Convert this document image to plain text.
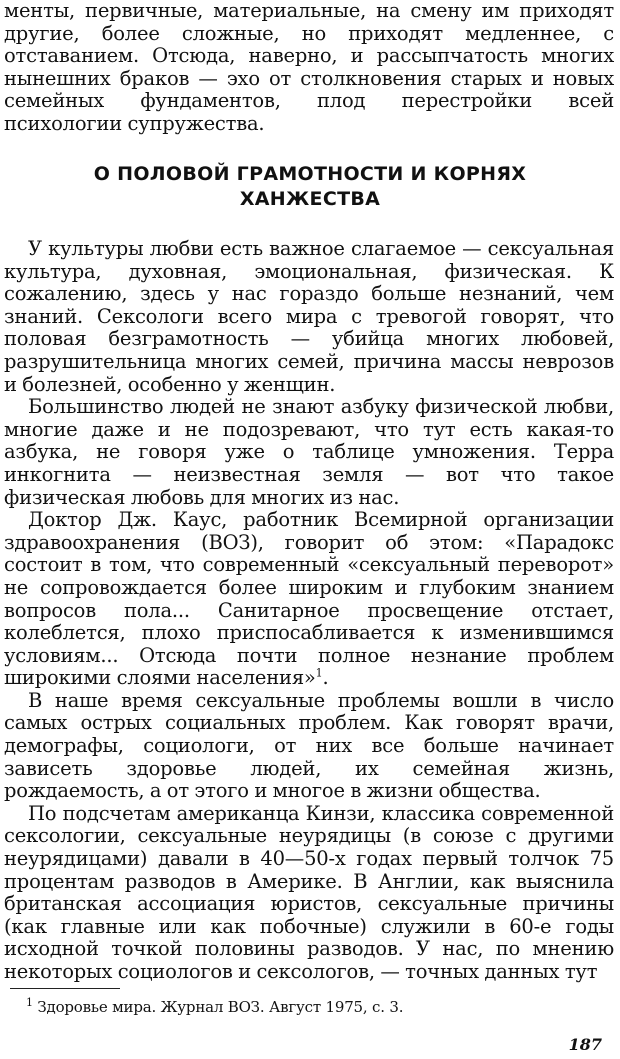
менты, первичные, материальные, на смену им приходят другие, более сложные, но приходят медленнее, с отставанием. Отсюда, наверно, и рассыпчатость многих нынешних браков — эхо от столкновения старых и новых семейных фундаментов, плод перестройки всей психологии супружества.

О ПОЛОВОЙ ГРАМОТНОСТИ И КОРНЯХ
ХАНЖЕСТВА

У культуры любви есть важное слагаемое — сексуальная культура, духовная, эмоциональная, физическая. К сожалению, здесь у нас гораздо больше незнаний, чем знаний. Сексологи всего мира с тревогой говорят, что половая безграмотность — убийца многих любовей, разрушительница многих семей, причина массы неврозов и болезней, особенно у женщин.

Большинство людей не знают азбуку физической любви, многие даже и не подозревают, что тут есть какая-то азбука, не говоря уже о таблице умножения. Терра инкогнита — неизвестная земля — вот что такое физическая любовь для многих из нас.

Доктор Дж. Каус, работник Всемирной организации здравоохранения (ВОЗ), говорит об этом: «Парадокс состоит в том, что современный «сексуальный переворот» не сопровождается более широким и глубоким знанием вопросов пола... Санитарное просвещение отстает, колеблется, плохо приспосабливается к изменившимся условиям... Отсюда почти полное незнание проблем широкими слоями населения»$^1$.

В наше время сексуальные проблемы вошли в число самых острых социальных проблем. Как говорят врачи, демографы, социологи, от них все больше начинает зависеть здоровье людей, их семейная жизнь, рождаемость, а от этого и многое в жизни общества.

По подсчетам американца Кинзи, классика современной сексологии, сексуальные неурядицы (в союзе с другими неурядицами) давали в 40—50-х годах первый толчок 75 процентам разводов в Америке. В Англии, как выяснила британская ассоциация юристов, сексуальные причины (как главные или как побочные) служили в 60-е годы исходной точкой половины разводов. У нас, по мнению некоторых социологов и сексологов, — точных данных тут

$^1$ Здоровье мира. Журнал ВОЗ. Август 1975, с. 3.
187
